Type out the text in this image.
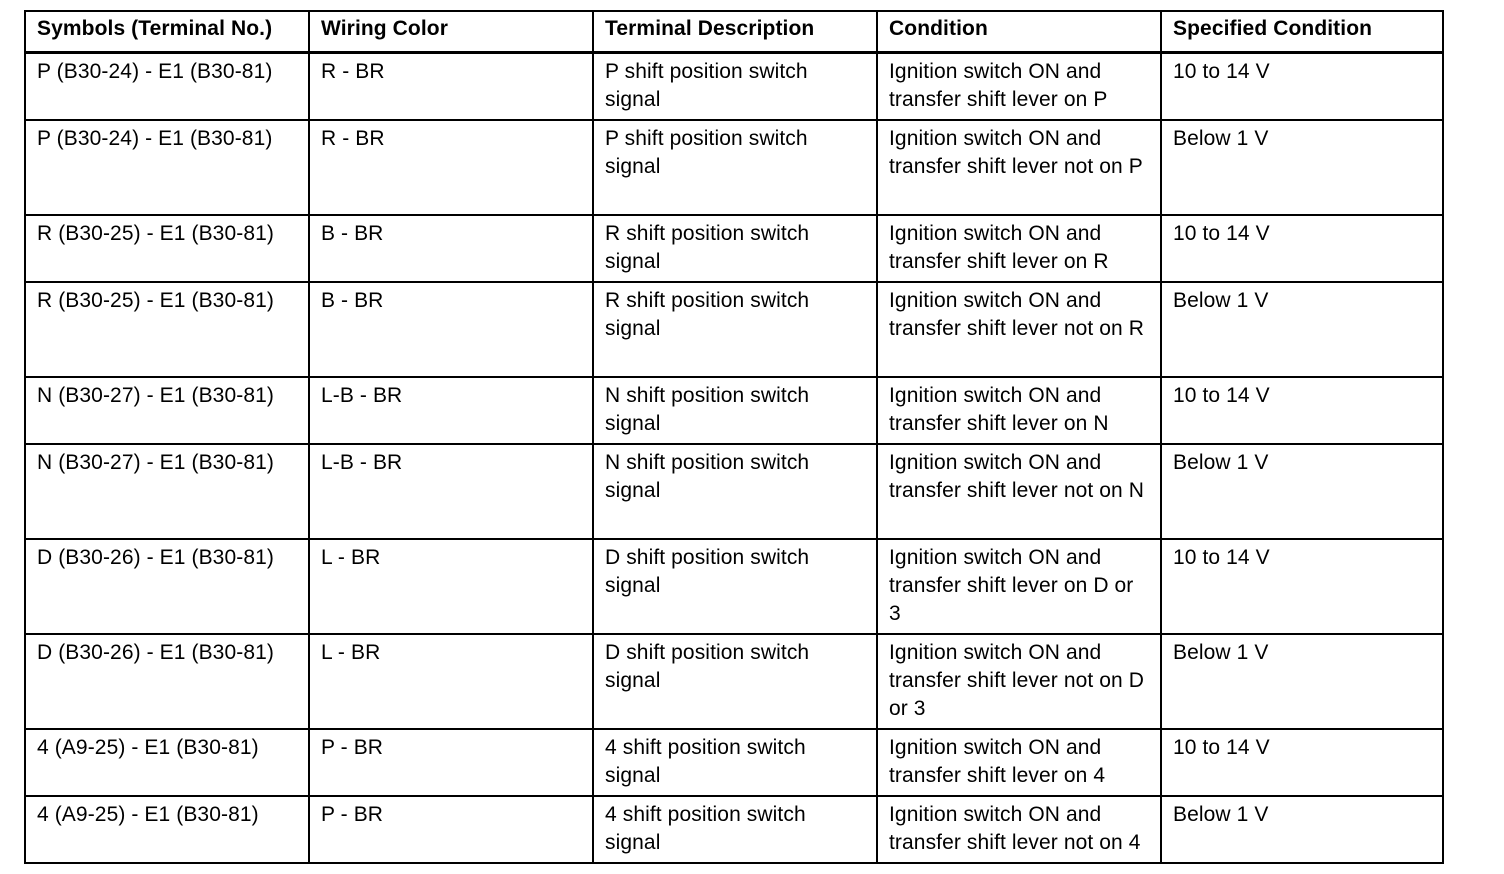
Symbols (Terminal No.)	Wiring Color	Terminal Description	Condition	Specified Condition
P (B30-24) - E1 (B30-81)	R - BR	P shift position switch signal	Ignition switch ON and transfer shift lever on P	10 to 14 V
P (B30-24) - E1 (B30-81)	R - BR	P shift position switch signal	Ignition switch ON and transfer shift lever not on P	Below 1 V
R (B30-25) - E1 (B30-81)	B - BR	R shift position switch signal	Ignition switch ON and transfer shift lever on R	10 to 14 V
R (B30-25) - E1 (B30-81)	B - BR	R shift position switch signal	Ignition switch ON and transfer shift lever not on R	Below 1 V
N (B30-27) - E1 (B30-81)	L-B - BR	N shift position switch signal	Ignition switch ON and transfer shift lever on N	10 to 14 V
N (B30-27) - E1 (B30-81)	L-B - BR	N shift position switch signal	Ignition switch ON and transfer shift lever not on N	Below 1 V
D (B30-26) - E1 (B30-81)	L - BR	D shift position switch signal	Ignition switch ON and transfer shift lever on D or 3	10 to 14 V
D (B30-26) - E1 (B30-81)	L - BR	D shift position switch signal	Ignition switch ON and transfer shift lever not on D or 3	Below 1 V
4 (A9-25) - E1 (B30-81)	P - BR	4 shift position switch signal	Ignition switch ON and transfer shift lever on 4	10 to 14 V
4 (A9-25) - E1 (B30-81)	P - BR	4 shift position switch signal	Ignition switch ON and transfer shift lever not on 4	Below 1 V
